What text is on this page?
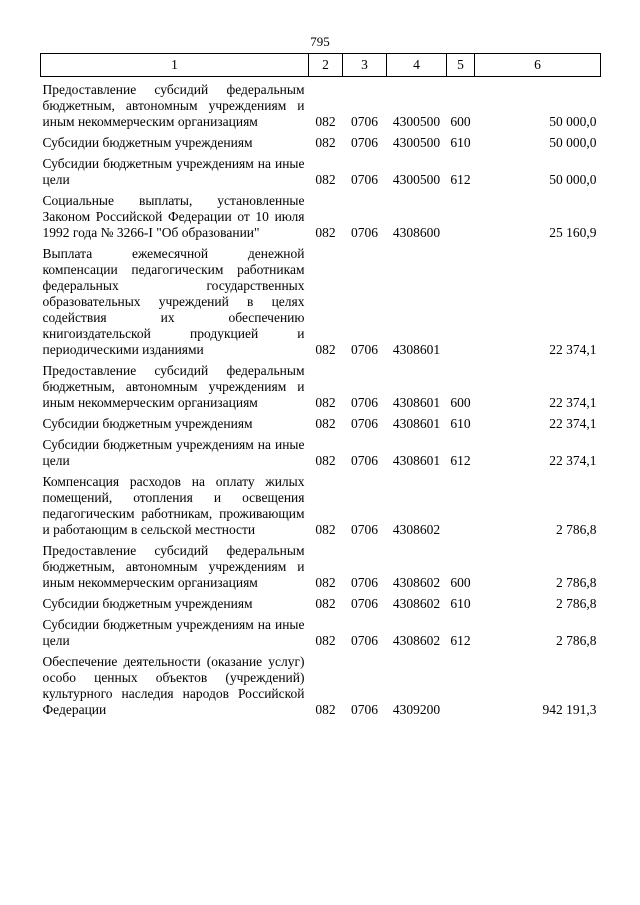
795
1	2	3	4	5	6

Предоставление субсидий федеральным бюджетным, автономным учреждениям и иным некоммерческим организациям	082	0706	4300500	600	50 000,0

Субсидии бюджетным учреждениям	082	0706	4300500	610	50 000,0

Субсидии бюджетным учреждениям на иные цели	082	0706	4300500	612	50 000,0

Социальные выплаты, установленные Законом Российской Федерации от 10 июля 1992 года № 3266-I "Об образовании"	082	0706	4308600		25 160,9

Выплата ежемесячной денежной компенсации педагогическим работникам федеральных государственных образовательных учреждений в целях содействия их обеспечению книгоиздательской продукцией и периодическими изданиями	082	0706	4308601		22 374,1

Предоставление субсидий федеральным бюджетным, автономным учреждениям и иным некоммерческим организациям	082	0706	4308601	600	22 374,1

Субсидии бюджетным учреждениям	082	0706	4308601	610	22 374,1

Субсидии бюджетным учреждениям на иные цели	082	0706	4308601	612	22 374,1

Компенсация расходов на оплату жилых помещений, отопления и освещения педагогическим работникам, проживающим и работающим в сельской местности	082	0706	4308602		2 786,8

Предоставление субсидий федеральным бюджетным, автономным учреждениям и иным некоммерческим организациям	082	0706	4308602	600	2 786,8

Субсидии бюджетным учреждениям	082	0706	4308602	610	2 786,8

Субсидии бюджетным учреждениям на иные цели	082	0706	4308602	612	2 786,8

Обеспечение деятельности (оказание услуг) особо ценных объектов (учреждений) культурного наследия народов Российской Федерации	082	0706	4309200		942 191,3
